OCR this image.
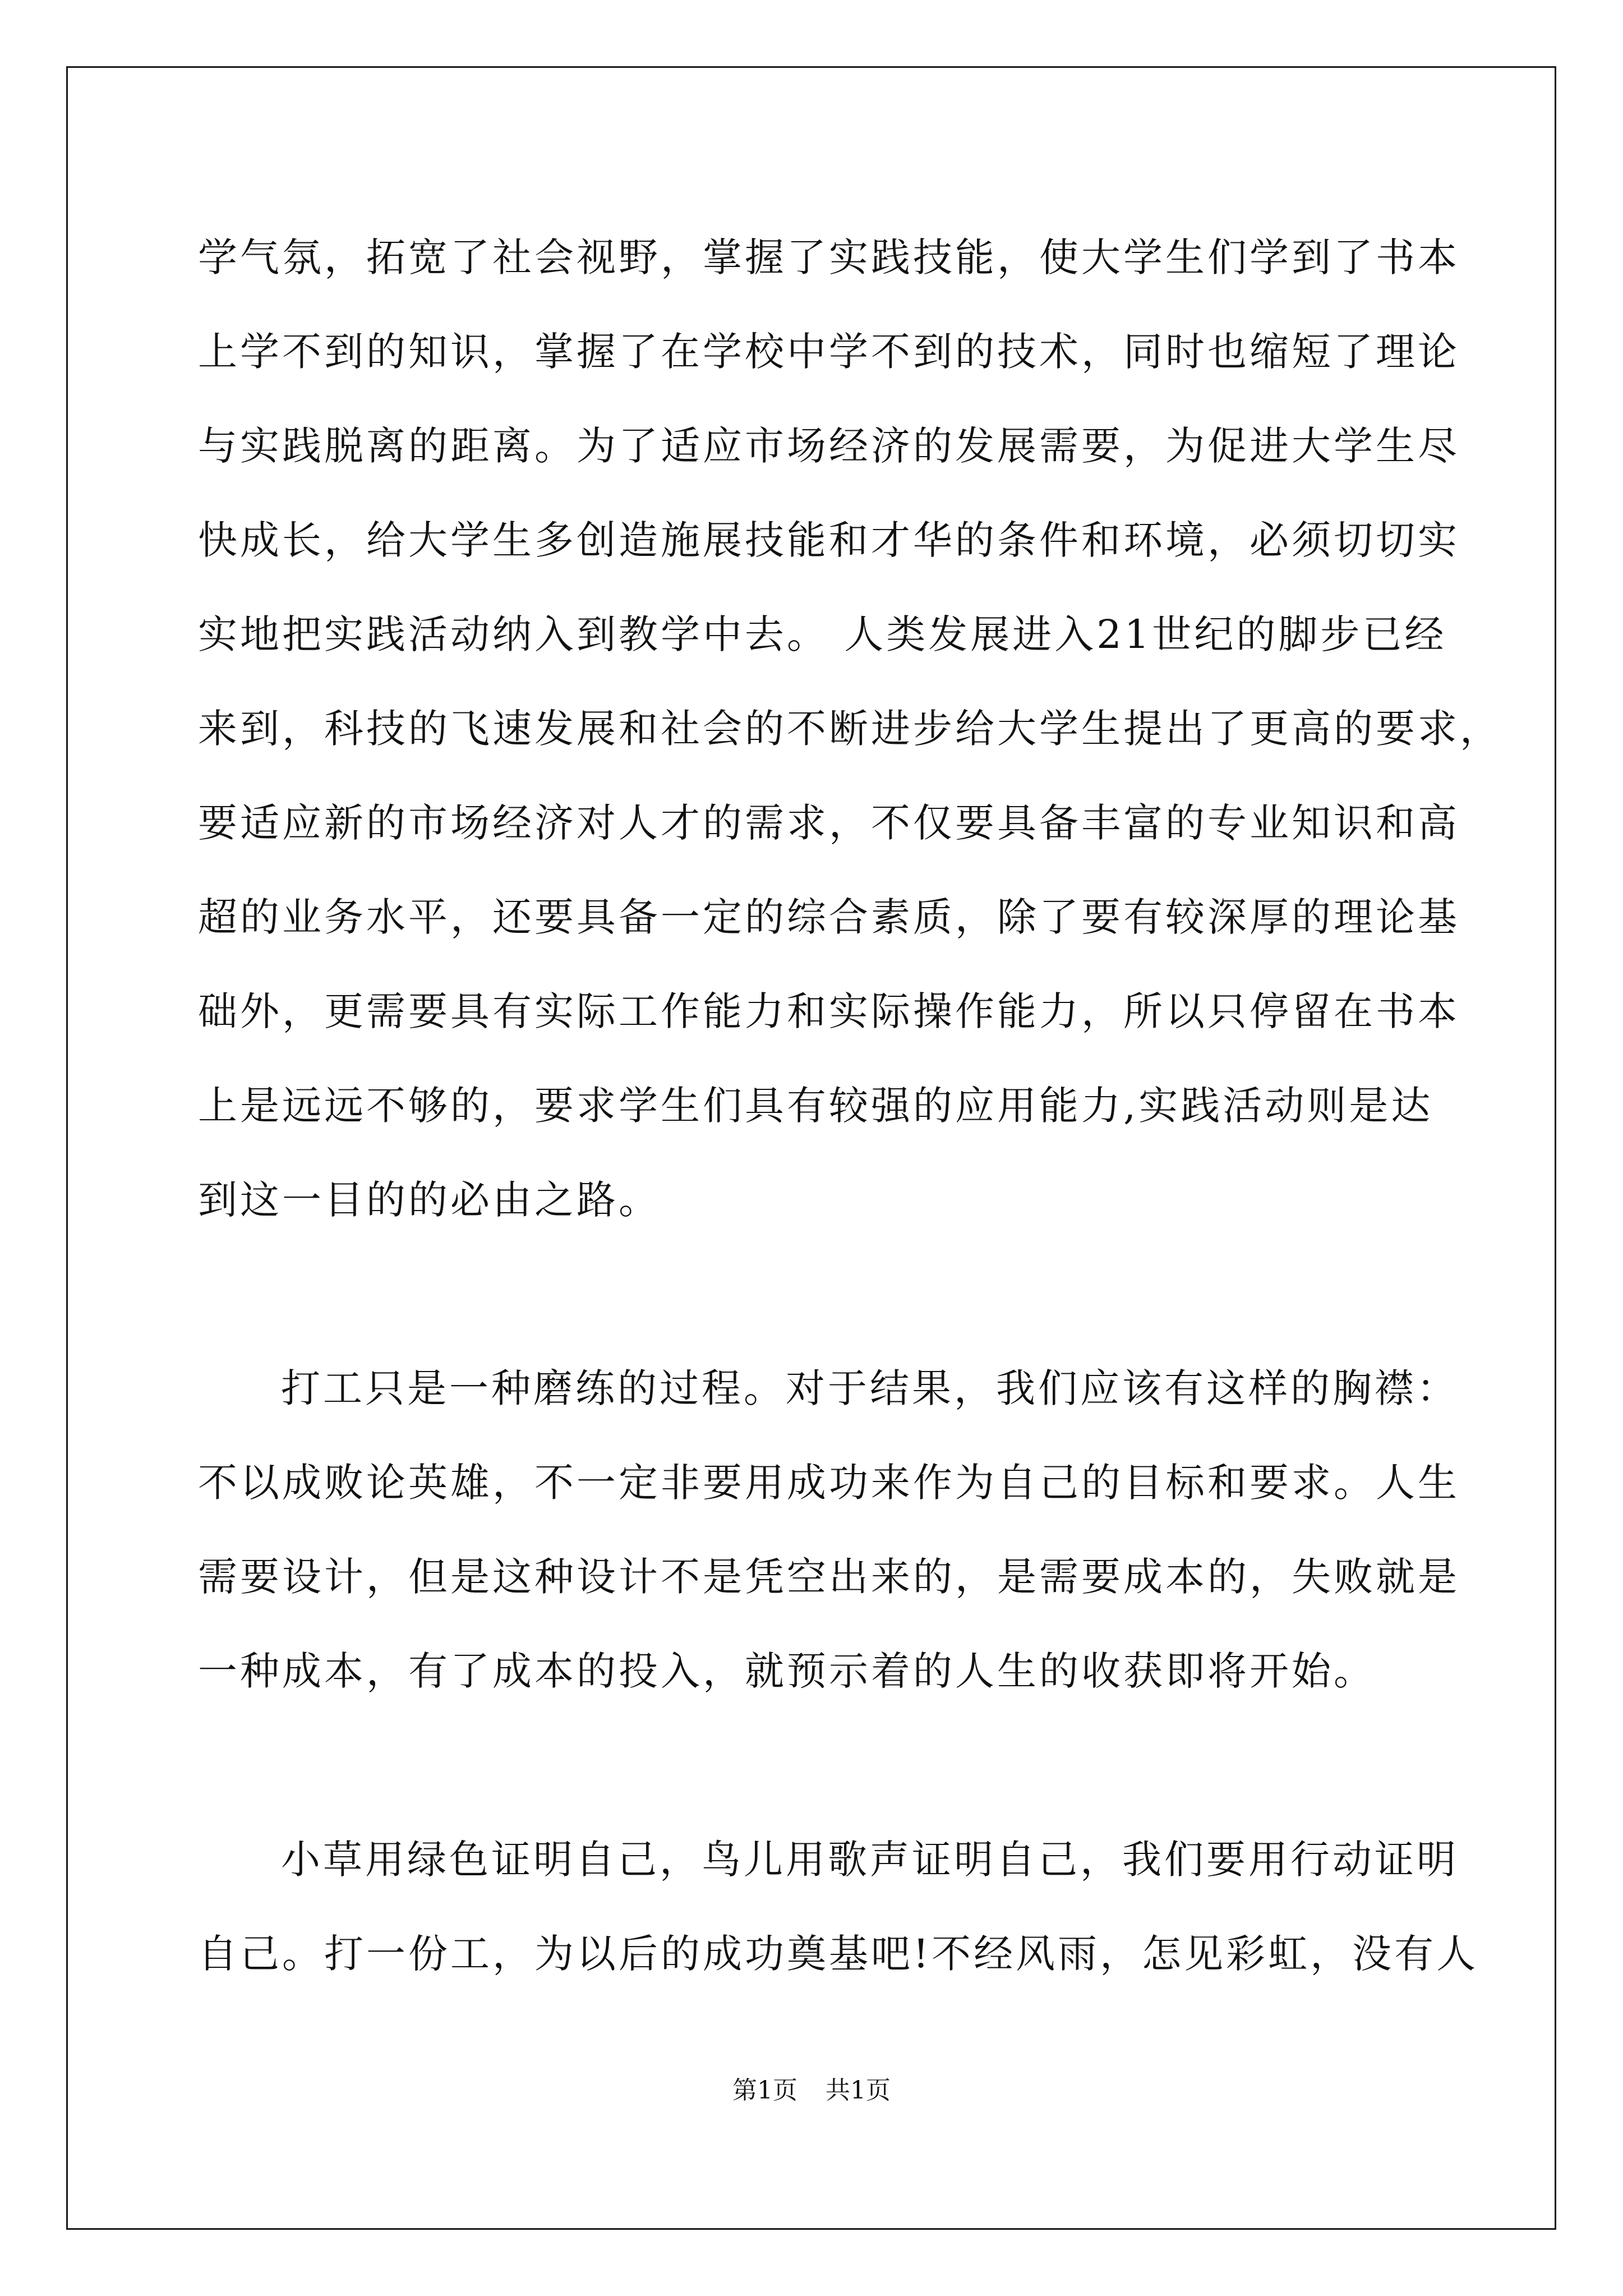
学气氛，拓宽了社会视野，掌握了实践技能，使大学生们学到了书本
上学不到的知识，掌握了在学校中学不到的技术，同时也缩短了理论
与实践脱离的距离。为了适应市场经济的发展需要，为促进大学生尽
快成长，给大学生多创造施展技能和才华的条件和环境，必须切切实
实地把实践活动纳入到教学中去。 人类发展进入21世纪的脚步已经
来到，科技的飞速发展和社会的不断进步给大学生提出了更高的要求，
要适应新的市场经济对人才的需求，不仅要具备丰富的专业知识和高
超的业务水平，还要具备一定的综合素质，除了要有较深厚的理论基
础外，更需要具有实际工作能力和实际操作能力，所以只停留在书本
上是远远不够的，要求学生们具有较强的应用能力,实践活动则是达
到这一目的的必由之路。
打工只是一种磨练的过程。对于结果，我们应该有这样的胸襟：
不以成败论英雄，不一定非要用成功来作为自己的目标和要求。人生
需要设计，但是这种设计不是凭空出来的，是需要成本的，失败就是
一种成本，有了成本的投入，就预示着的人生的收获即将开始。
小草用绿色证明自己，鸟儿用歌声证明自己，我们要用行动证明
自己。打一份工，为以后的成功奠基吧!不经风雨，怎见彩虹，没有人
第1页 共1页
